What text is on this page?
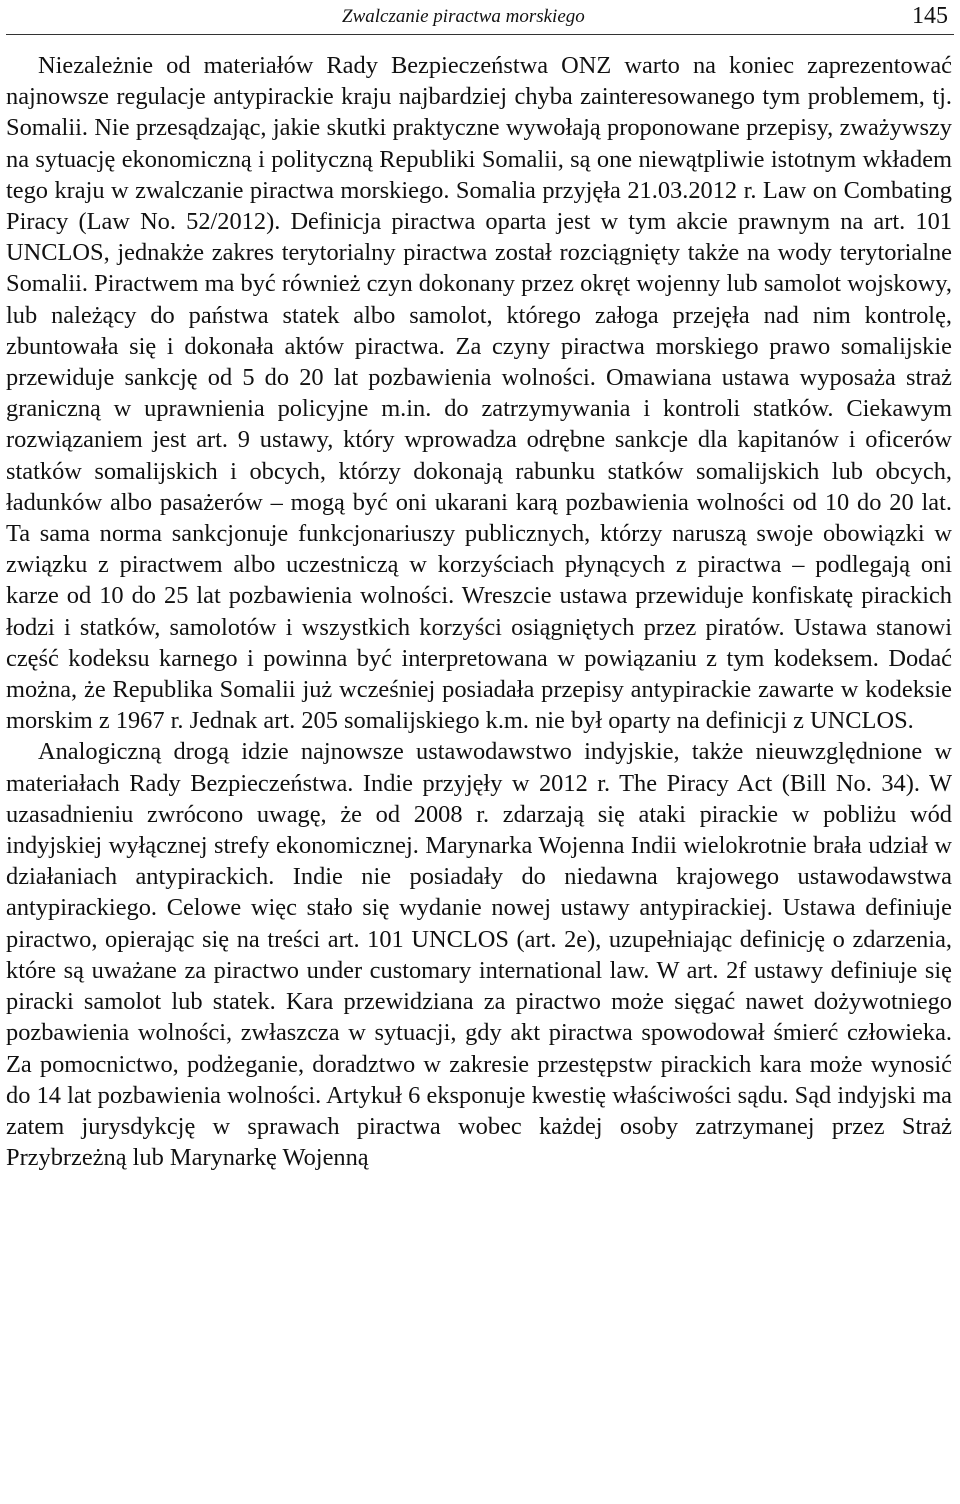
Zwalczanie piractwa morskiego	145

Niezależnie od materiałów Rady Bezpieczeństwa ONZ warto na koniec zaprezentować najnowsze regulacje antypirackie kraju najbardziej chyba zainteresowanego tym problemem, tj. Somalii. Nie przesądzając, jakie skutki praktyczne wywołają proponowane przepisy, zważywszy na sytuację ekonomiczną i polityczną Republiki Somalii, są one niewątpliwie istotnym wkładem tego kraju w zwalczanie piractwa morskiego. Somalia przyjęła 21.03.2012 r. Law on Combating Piracy (Law No. 52/2012). Definicja piractwa oparta jest w tym akcie prawnym na art. 101 UNCLOS, jednakże zakres terytorialny piractwa został rozciągnięty także na wody terytorialne Somalii. Piractwem ma być również czyn dokonany przez okręt wojenny lub samolot wojskowy, lub należący do państwa statek albo samolot, którego załoga przejęła nad nim kontrolę, zbuntowała się i dokonała aktów piractwa. Za czyny piractwa morskiego prawo somalijskie przewiduje sankcję od 5 do 20 lat pozbawienia wolności. Omawiana ustawa wyposaża straż graniczną w uprawnienia policyjne m.in. do zatrzymywania i kontroli statków. Ciekawym rozwiązaniem jest art. 9 ustawy, który wprowadza odrębne sankcje dla kapitanów i oficerów statków somalijskich i obcych, którzy dokonają rabunku statków somalijskich lub obcych, ładunków albo pasażerów – mogą być oni ukarani karą pozbawienia wolności od 10 do 20 lat. Ta sama norma sankcjonuje funkcjonariuszy publicznych, którzy naruszą swoje obowiązki w związku z piractwem albo uczestniczą w korzyściach płynących z piractwa – podlegają oni karze od 10 do 25 lat pozbawienia wolności. Wreszcie ustawa przewiduje konfiskatę pirackich łodzi i statków, samolotów i wszystkich korzyści osiągniętych przez piratów. Ustawa stanowi część kodeksu karnego i powinna być interpretowana w powiązaniu z tym kodeksem. Dodać można, że Republika Somalii już wcześniej posiadała przepisy antypirackie zawarte w kodeksie morskim z 1967 r. Jednak art. 205 somalijskiego k.m. nie był oparty na definicji z UNCLOS.

Analogiczną drogą idzie najnowsze ustawodawstwo indyjskie, także nieuwzględnione w materiałach Rady Bezpieczeństwa. Indie przyjęły w 2012 r. The Piracy Act (Bill No. 34). W uzasadnieniu zwrócono uwagę, że od 2008 r. zdarzają się ataki pirackie w pobliżu wód indyjskiej wyłącznej strefy ekonomicznej. Marynarka Wojenna Indii wielokrotnie brała udział w działaniach antypirackich. Indie nie posiadały do niedawna krajowego ustawodawstwa antypirackiego. Celowe więc stało się wydanie nowej ustawy antypirackiej. Ustawa definiuje piractwo, opierając się na treści art. 101 UNCLOS (art. 2e), uzupełniając definicję o zdarzenia, które są uważane za piractwo under customary international law. W art. 2f ustawy definiuje się piracki samolot lub statek. Kara przewidziana za piractwo może sięgać nawet dożywotniego pozbawienia wolności, zwłaszcza w sytuacji, gdy akt piractwa spowodował śmierć człowieka. Za pomocnictwo, podżeganie, doradztwo w zakresie przestępstw pirackich kara może wynosić do 14 lat pozbawienia wolności. Artykuł 6 eksponuje kwestię właściwości sądu. Sąd indyjski ma zatem jurysdykcję w sprawach piractwa wobec każdej osoby zatrzymanej przez Straż Przybrzeżną lub Marynarkę Wojenną
